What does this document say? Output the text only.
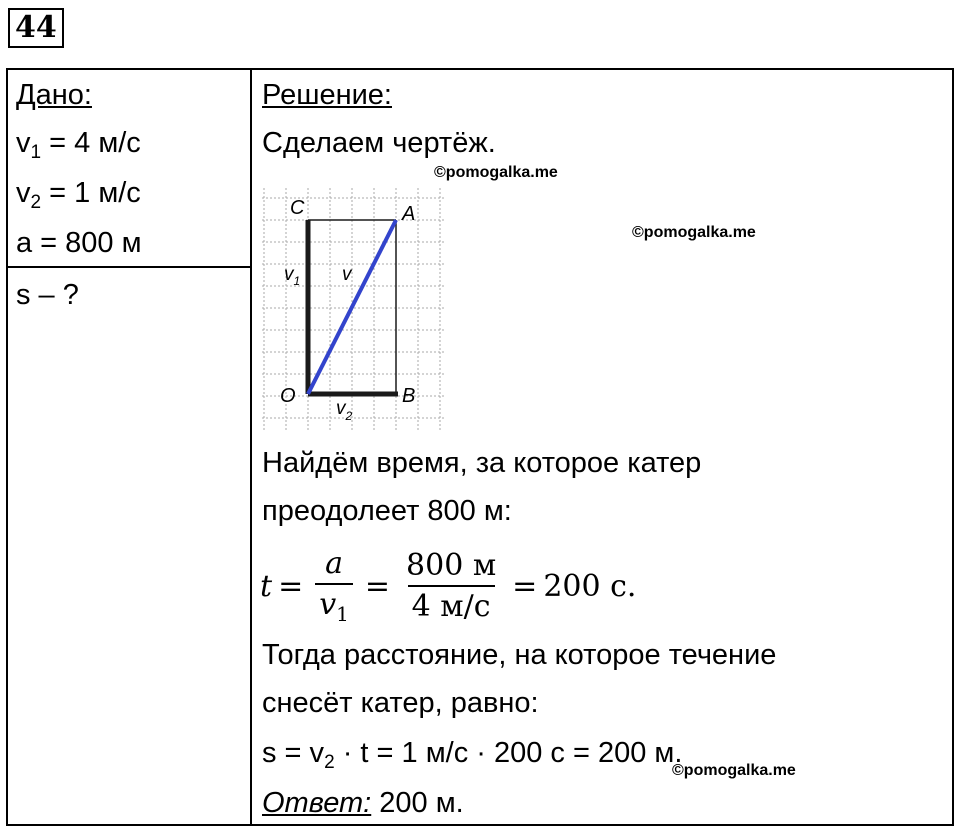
44
Дано:
$v_1 = 4$ м/с
$v_2 = 1$ м/с
a = 800 м
s – ?
Решение:
Сделаем чертёж.
C	A
O	B
$v_1$ v
$v_2$
Найдём время, за которое катер
преодолеет 800 м:
$t = \frac{a}{v_1} = \frac{800 м}{4 м/с} = 200$ с.
Тогда расстояние, на которое течение
снесёт катер, равно:
$s = v_2 \cdot t = 1$ м/с · 200 с = 200 м.
Ответ: 200 м.
©pomogalka.me
©pomogalka.me
©pomogalka.me
